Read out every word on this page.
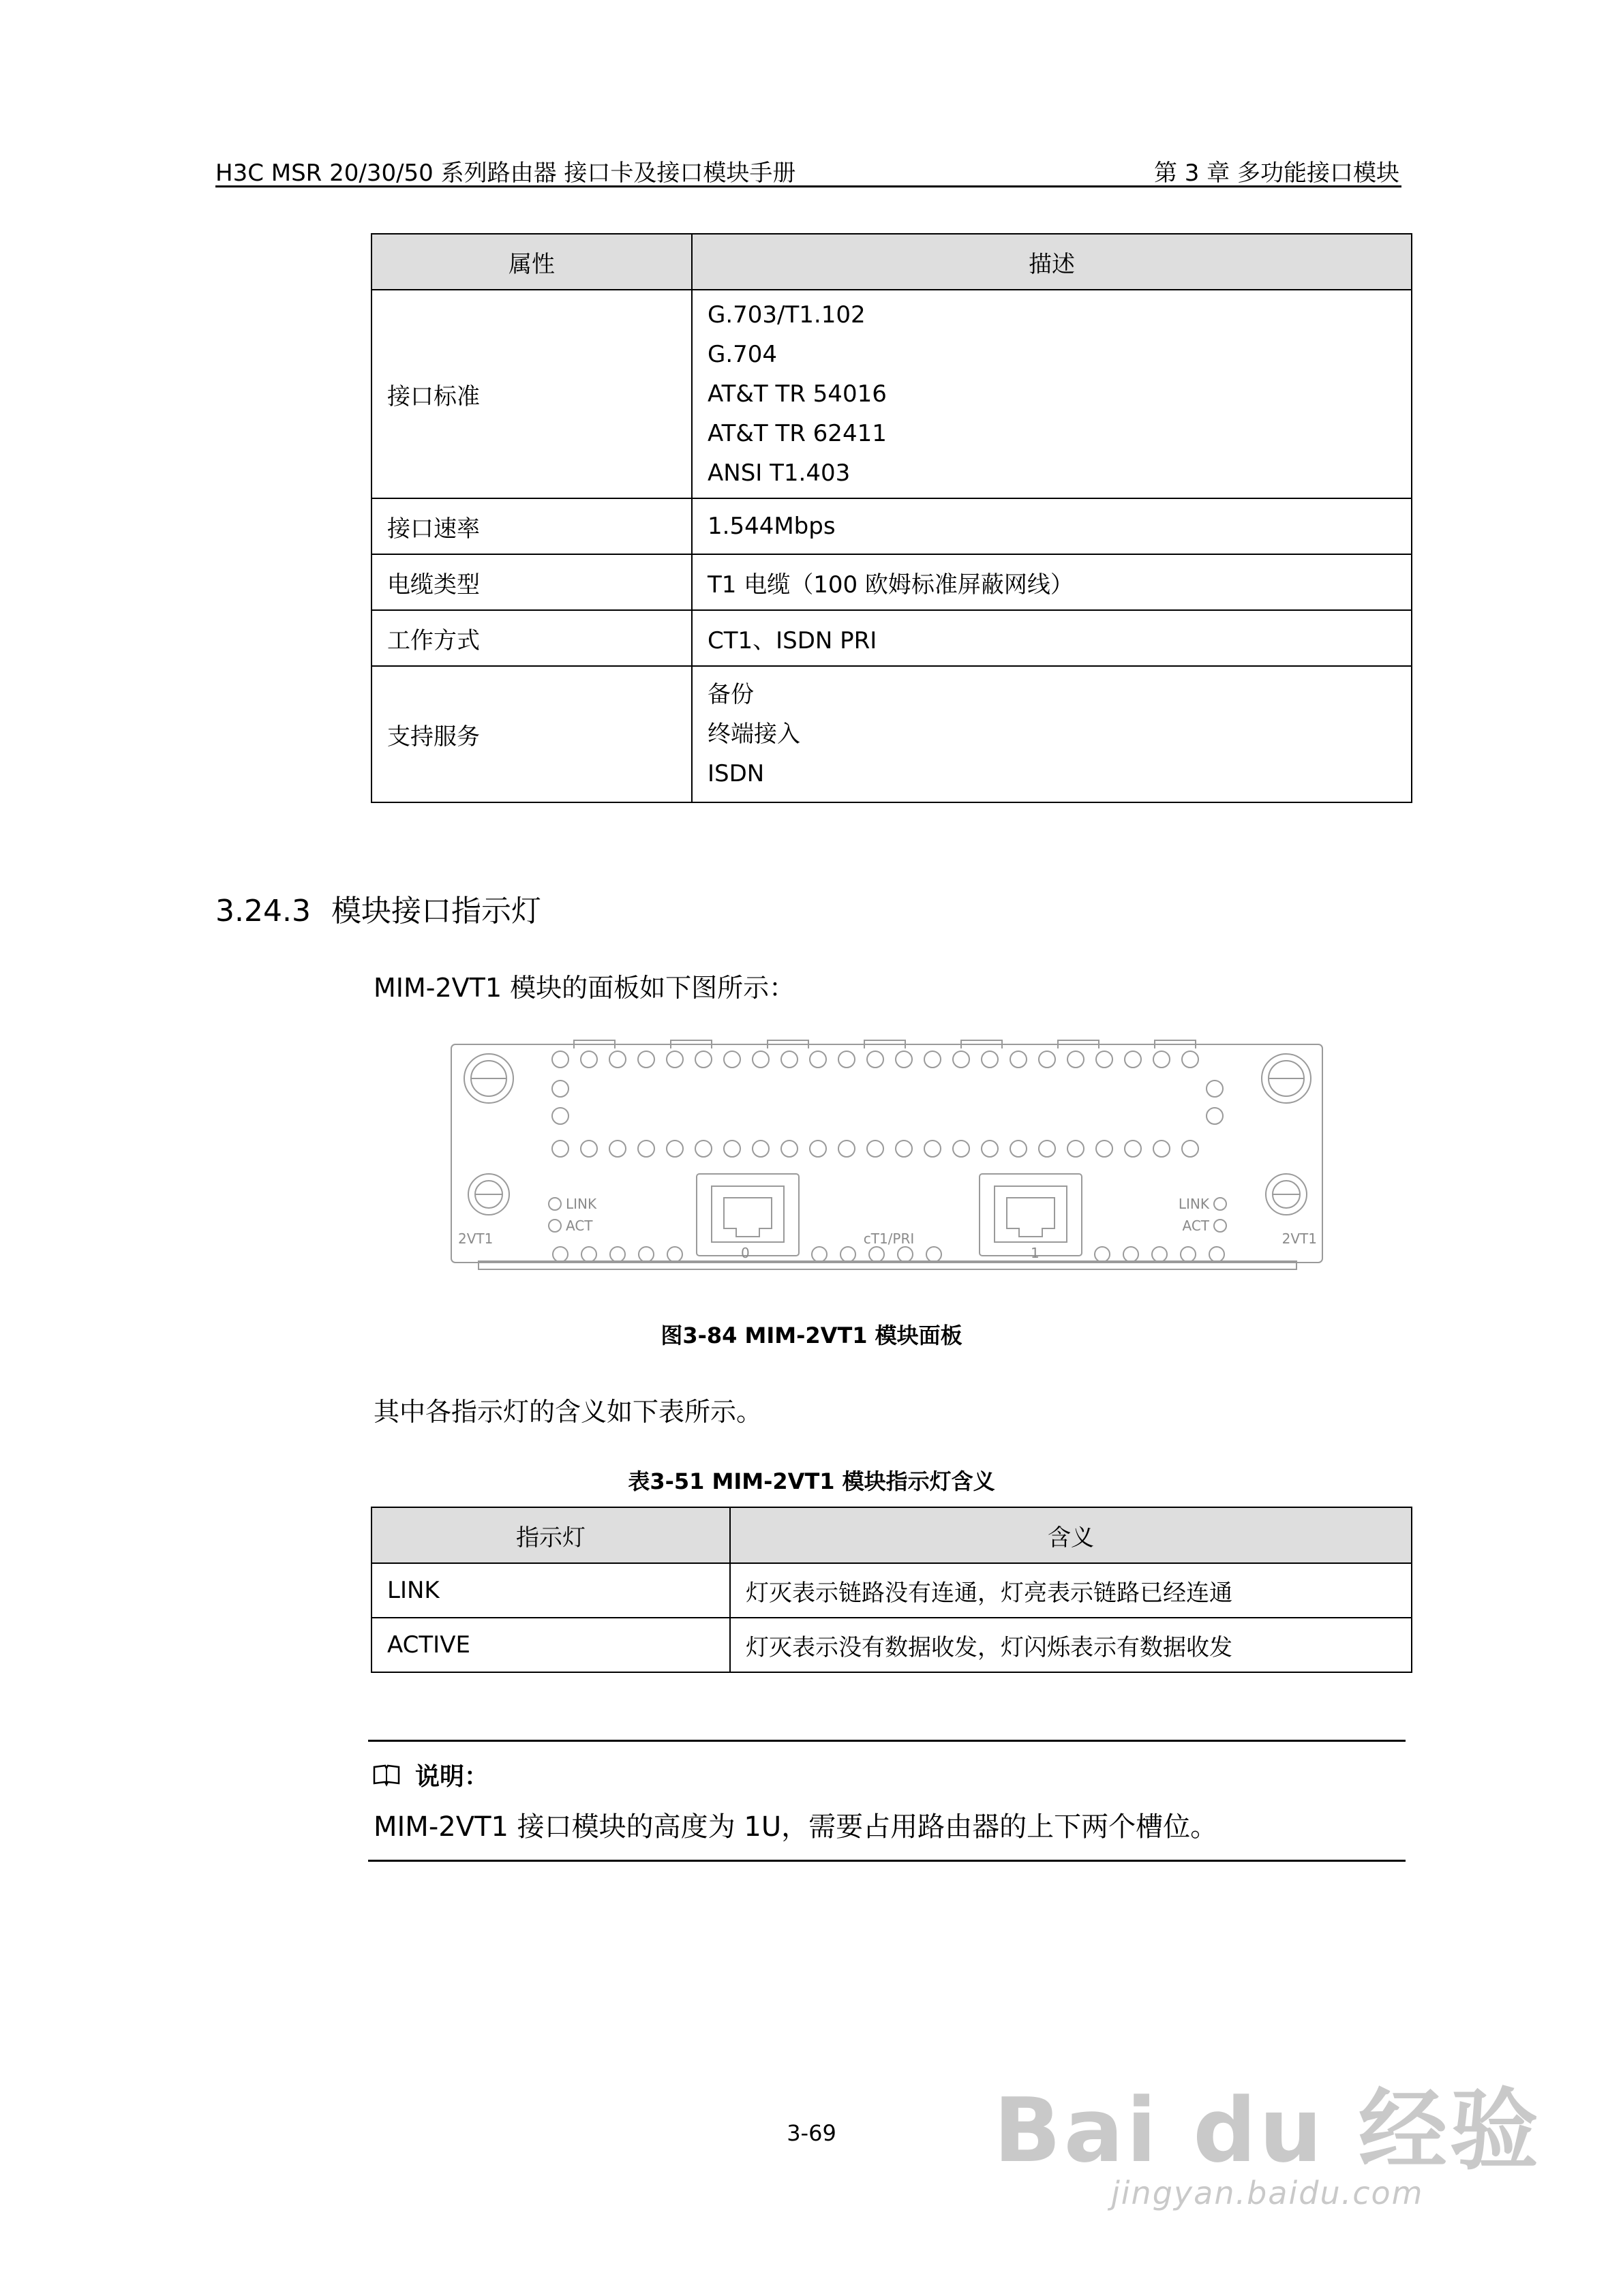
H3C MSR 20/30/50 系列路由器 接口卡及接口模块手册	第 3 章 多功能接口模块
属性	描述
接口标准	G.703/T1.102
G.704
AT&T TR 54016
AT&T TR 62411
ANSI T1.403

接口速率	1.544Mbps
电缆类型	T1 电缆（100 欧姆标准屏蔽网线）
工作方式	CT1、ISDN PRI
支持服务	备份
终端接入
ISDN
3.24.3 模块接口指示灯
MIM-2VT1 模块的面板如下图所示：
LINK
ACT
LINK
ACT
2VT1	2VT1
cT1/PRI
0	1
图3-84 MIM-2VT1 模块面板
其中各指示灯的含义如下表所示。
表3-51 MIM-2VT1 模块指示灯含义
指示灯	含义
LINK	灯灭表示链路没有连通，灯亮表示链路已经连通
ACTIVE	灯灭表示没有数据收发，灯闪烁表示有数据收发
说明：
MIM-2VT1 接口模块的高度为 1U，需要占用路由器的上下两个槽位。
3-69	Bai du 经验
jingyan.baidu.com
